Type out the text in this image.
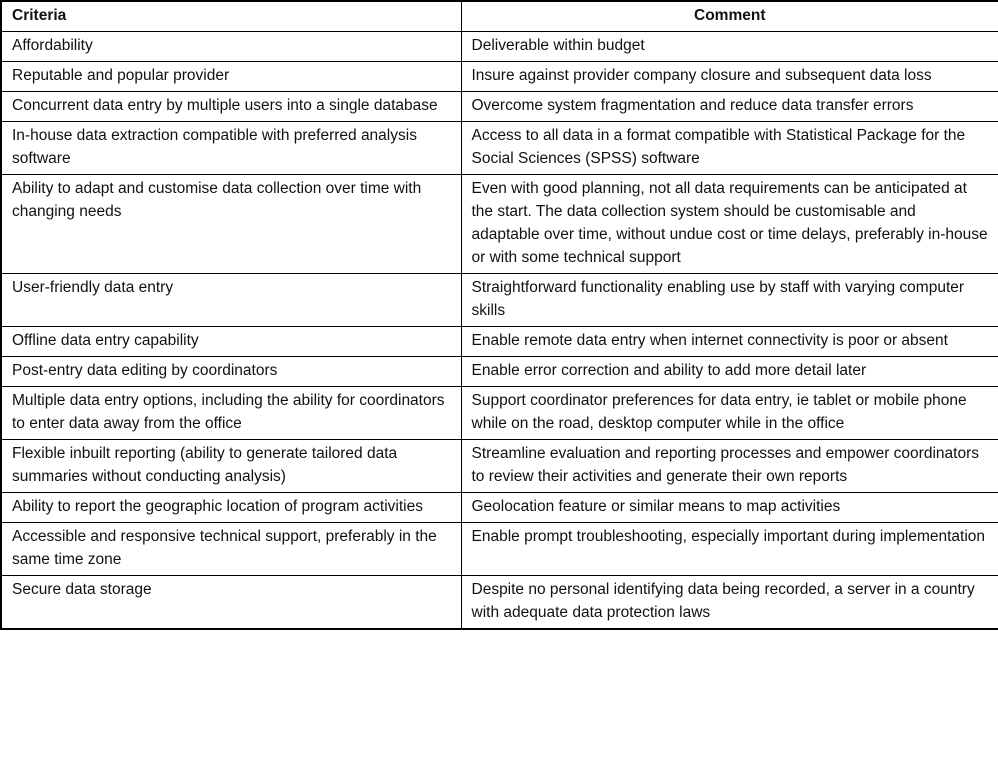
Criteria	Comment
Affordability	Deliverable within budget
Reputable and popular provider	Insure against provider company closure and subsequent data loss
Concurrent data entry by multiple users into a single database	Overcome system fragmentation and reduce data transfer errors
In-house data extraction compatible with preferred analysis software	Access to all data in a format compatible with Statistical Package for the Social Sciences (SPSS) software
Ability to adapt and customise data collection over time with changing needs	Even with good planning, not all data requirements can be anticipated at the start. The data collection system should be customisable and adaptable over time, without undue cost or time delays, preferably in-house or with some technical support
User-friendly data entry	Straightforward functionality enabling use by staff with varying computer skills
Offline data entry capability	Enable remote data entry when internet connectivity is poor or absent
Post-entry data editing by coordinators	Enable error correction and ability to add more detail later
Multiple data entry options, including the ability for coordinators to enter data away from the office	Support coordinator preferences for data entry, ie tablet or mobile phone while on the road, desktop computer while in the office
Flexible inbuilt reporting (ability to generate tailored data summaries without conducting analysis)	Streamline evaluation and reporting processes and empower coordinators to review their activities and generate their own reports
Ability to report the geographic location of program activities	Geolocation feature or similar means to map activities
Accessible and responsive technical support, preferably in the same time zone	Enable prompt troubleshooting, especially important during implementation
Secure data storage	Despite no personal identifying data being recorded, a server in a country with adequate data protection laws
